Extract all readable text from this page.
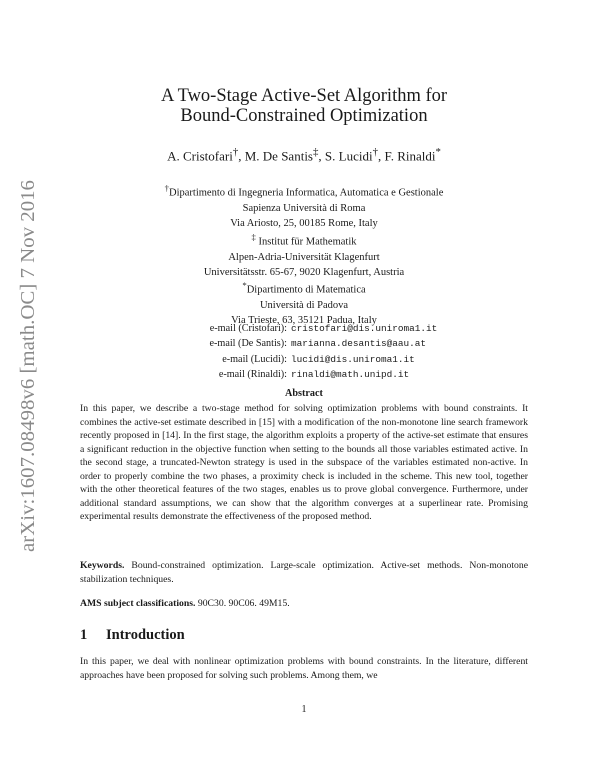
arXiv:1607.08498v6 [math.OC] 7 Nov 2016
A Two-Stage Active-Set Algorithm for
Bound-Constrained Optimization
A. Cristofari†, M. De Santis‡, S. Lucidi†, F. Rinaldi*
†Dipartimento di Ingegneria Informatica, Automatica e Gestionale
Sapienza Università di Roma
Via Ariosto, 25, 00185 Rome, Italy
‡ Institut für Mathematik
Alpen-Adria-Universität Klagenfurt
Universitätsstr. 65-67, 9020 Klagenfurt, Austria
*Dipartimento di Matematica
Università di Padova
Via Trieste, 63, 35121 Padua, Italy
e-mail (Cristofari): cristofari@dis.uniroma1.it
e-mail (De Santis): marianna.desantis@aau.at
e-mail (Lucidi): lucidi@dis.uniroma1.it
e-mail (Rinaldi): rinaldi@math.unipd.it
Abstract
In this paper, we describe a two-stage method for solving optimization problems with bound constraints. It combines the active-set estimate described in [15] with a modification of the non-monotone line search framework recently proposed in [14]. In the first stage, the algorithm exploits a property of the active-set estimate that ensures a significant reduction in the objective function when setting to the bounds all those variables estimated active. In the second stage, a truncated-Newton strategy is used in the subspace of the variables estimated non-active. In order to properly combine the two phases, a proximity check is included in the scheme. This new tool, together with the other theoretical features of the two stages, enables us to prove global convergence. Furthermore, under additional standard assumptions, we can show that the algorithm converges at a superlinear rate. Promising experimental results demonstrate the effectiveness of the proposed method.
Keywords. Bound-constrained optimization. Large-scale optimization. Active-set methods. Non-monotone stabilization techniques.
AMS subject classifications. 90C30. 90C06. 49M15.
1 Introduction
In this paper, we deal with nonlinear optimization problems with bound constraints. In the literature, different approaches have been proposed for solving such problems. Among them, we
1
